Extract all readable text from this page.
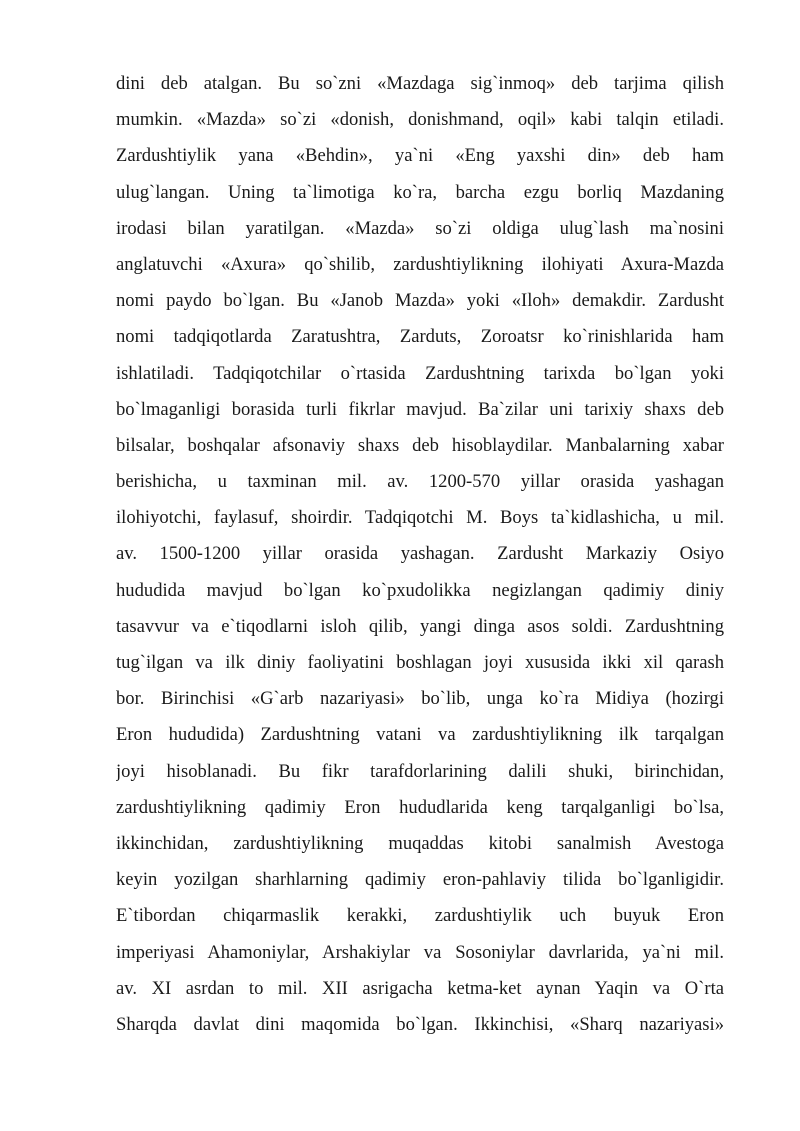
dini deb atalgan. Bu so`zni «Mazdaga sig`inmoq» deb tarjima qilish
mumkin. «Mazda» so`zi «donish, donishmand, oqil» kabi talqin etiladi.
Zardushtiylik yana «Behdin», ya`ni «Eng yaxshi din» deb ham
ulug`langan. Uning ta`limotiga ko`ra, barcha ezgu borliq Mazdaning
irodasi bilan yaratilgan. «Mazda» so`zi oldiga ulug`lash ma`nosini
anglatuvchi «Axura» qo`shilib, zardushtiylikning ilohiyati Axura-Mazda
nomi paydo bo`lgan. Bu «Janob Mazda» yoki «Iloh» demakdir. Zardusht
nomi tadqiqotlarda Zaratushtra, Zarduts, Zoroatsr ko`rinishlarida ham
ishlatiladi. Tadqiqotchilar o`rtasida Zardushtning tarixda bo`lgan yoki
bo`lmaganligi borasida turli fikrlar mavjud. Ba`zilar uni tarixiy shaxs deb
bilsalar, boshqalar afsonaviy shaxs deb hisoblaydilar. Manbalarning xabar
berishicha, u taxminan mil. av. 1200-570 yillar orasida yashagan
ilohiyotchi, faylasuf, shoirdir. Tadqiqotchi M. Boys ta`kidlashicha, u mil.
av. 1500-1200 yillar orasida yashagan. Zardusht Markaziy Osiyo
hududida mavjud bo`lgan ko`pxudolikka negizlangan qadimiy diniy
tasavvur va e`tiqodlarni isloh qilib, yangi dinga asos soldi. Zardushtning
tug`ilgan va ilk diniy faoliyatini boshlagan joyi xususida ikki xil qarash
bor. Birinchisi «G`arb nazariyasi» bo`lib, unga ko`ra Midiya (hozirgi
Eron hududida) Zardushtning vatani va zardushtiylikning ilk tarqalgan
joyi hisoblanadi. Bu fikr tarafdorlarining dalili shuki, birinchidan,
zardushtiylikning qadimiy Eron hududlarida keng tarqalganligi bo`lsa,
ikkinchidan, zardushtiylikning muqaddas kitobi sanalmish Avestoga
keyin yozilgan sharhlarning qadimiy eron-pahlaviy tilida bo`lganligidir.
E`tibordan chiqarmaslik kerakki, zardushtiylik uch buyuk Eron
imperiyasi Ahamoniylar, Arshakiylar va Sosoniylar davrlarida, ya`ni mil.
av. XI asrdan to mil. XII asrigacha ketma-ket aynan Yaqin va O`rta
Sharqda davlat dini maqomida bo`lgan. Ikkinchisi, «Sharq nazariyasi»
